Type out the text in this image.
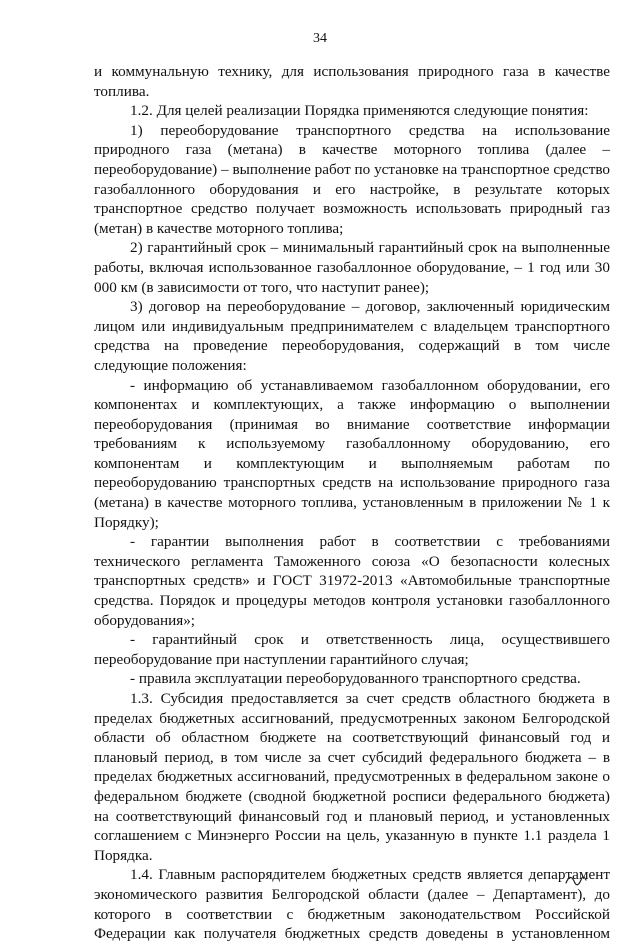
34

и коммунальную технику, для использования природного газа в качестве топлива.

1.2. Для целей реализации Порядка применяются следующие понятия:

1) переоборудование транспортного средства на использование природного газа (метана) в качестве моторного топлива (далее – переоборудование) – выполнение работ по установке на транспортное средство газобаллонного оборудования и его настройке, в результате которых транспортное средство получает возможность использовать природный газ (метан) в качестве моторного топлива;

2) гарантийный срок – минимальный гарантийный срок на выполненные работы, включая использованное газобаллонное оборудование, – 1 год или 30 000 км (в зависимости от того, что наступит ранее);

3) договор на переоборудование – договор, заключенный юридическим лицом или индивидуальным предпринимателем с владельцем транспортного средства на проведение переоборудования, содержащий в том числе следующие положения:

- информацию об устанавливаемом газобаллонном оборудовании, его компонентах и комплектующих, а также информацию о выполнении переоборудования (принимая во внимание соответствие информации требованиям к используемому газобаллонному оборудованию, его компонентам и комплектующим и выполняемым работам по переоборудованию транспортных средств на использование природного газа (метана) в качестве моторного топлива, установленным в приложении № 1 к Порядку);

- гарантии выполнения работ в соответствии с требованиями технического регламента Таможенного союза «О безопасности колесных транспортных средств» и ГОСТ 31972-2013 «Автомобильные транспортные средства. Порядок и процедуры методов контроля установки газобаллонного оборудования»;

- гарантийный срок и ответственность лица, осуществившего переоборудование при наступлении гарантийного случая;

- правила эксплуатации переоборудованного транспортного средства.

1.3. Субсидия предоставляется за счет средств областного бюджета в пределах бюджетных ассигнований, предусмотренных законом Белгородской области об областном бюджете на соответствующий финансовый год и плановый период, в том числе за счет субсидий федерального бюджета – в пределах бюджетных ассигнований, предусмотренных в федеральном законе о федеральном бюджете (сводной бюджетной росписи федерального бюджета) на соответствующий финансовый год и плановый период, и установленных соглашением с Минэнерго России на цель, указанную в пункте 1.1 раздела 1 Порядка.

1.4. Главным распорядителем бюджетных средств является департамент экономического развития Белгородской области (далее – Департамент), до которого в соответствии с бюджетным законодательством Российской Федерации как получателя бюджетных средств доведены в установленном
